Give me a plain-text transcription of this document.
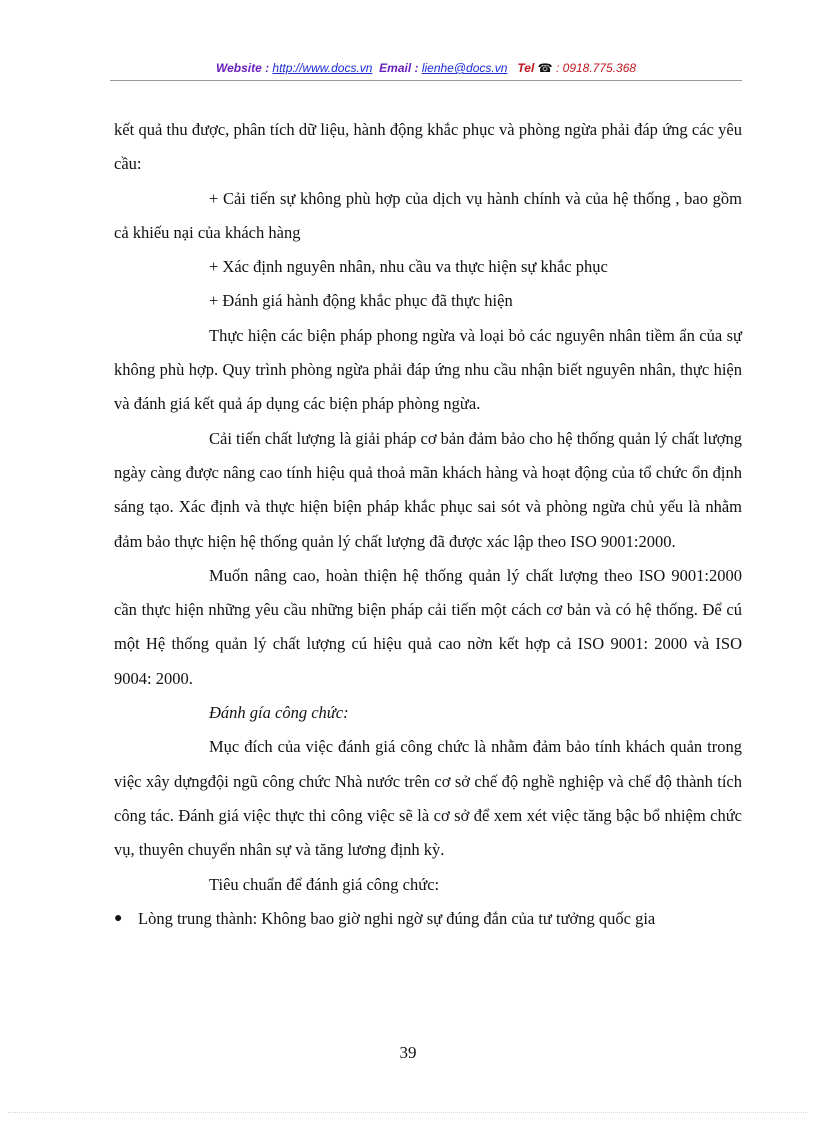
Website : http://www.docs.vn Email : lienhe@docs.vn Tel ☎ : 0918.775.368

kết quả thu được, phân tích dữ liệu, hành động khắc phục và phòng ngừa phải đáp ứng các yêu cầu:

+ Cải tiến sự không phù hợp của dịch vụ hành chính và của hệ thống , bao gồm cả khiếu nại của khách hàng

+ Xác định nguyên nhân, nhu cầu va thực hiện sự khắc phục

+ Đánh giá hành động khắc phục đã thực hiện

Thực hiện các biện pháp phong ngừa và loại bỏ các nguyên nhân tiềm ẩn của sự không phù hợp. Quy trình phòng ngừa phải đáp ứng nhu cầu nhận biết nguyên nhân, thực hiện và đánh giá kết quả áp dụng các biện pháp phòng ngừa.

Cải tiến chất lượng là giải pháp cơ bản đảm bảo cho hệ thống quản lý chất lượng ngày càng được nâng cao tính hiệu quả thoả mãn khách hàng và hoạt động của tổ chức ổn định sáng tạo. Xác định và thực hiện biện pháp khắc phục sai sót và phòng ngừa chủ yếu là nhằm đảm bảo thực hiện hệ thống quản lý chất lượng đã được xác lập theo ISO 9001:2000.

Muốn nâng cao, hoàn thiện hệ thống quản lý chất lượng theo ISO 9001:2000 cần thực hiện những yêu cầu những biện pháp cải tiến một cách cơ bản và có hệ thống. Để cú một Hệ thống quản lý chất lượng cú hiệu quả cao nờn kết hợp cả ISO 9001: 2000 và ISO 9004: 2000.

Đánh gía công chức:

Mục đích của việc đánh giá công chức là nhằm đảm bảo tính khách quản trong việc xây dựngđội ngũ công chức Nhà nước trên cơ sở chế độ nghề nghiệp và chế độ thành tích công tác. Đánh giá việc thực thi công việc sẽ là cơ sở để xem xét việc tăng bậc bổ nhiệm chức vụ, thuyên chuyển nhân sự và tăng lương định kỳ.

Tiêu chuẩn để đánh giá công chức:

● Lòng trung thành: Không bao giờ nghi ngờ sự đúng đắn của tư tưởng quốc gia
39
